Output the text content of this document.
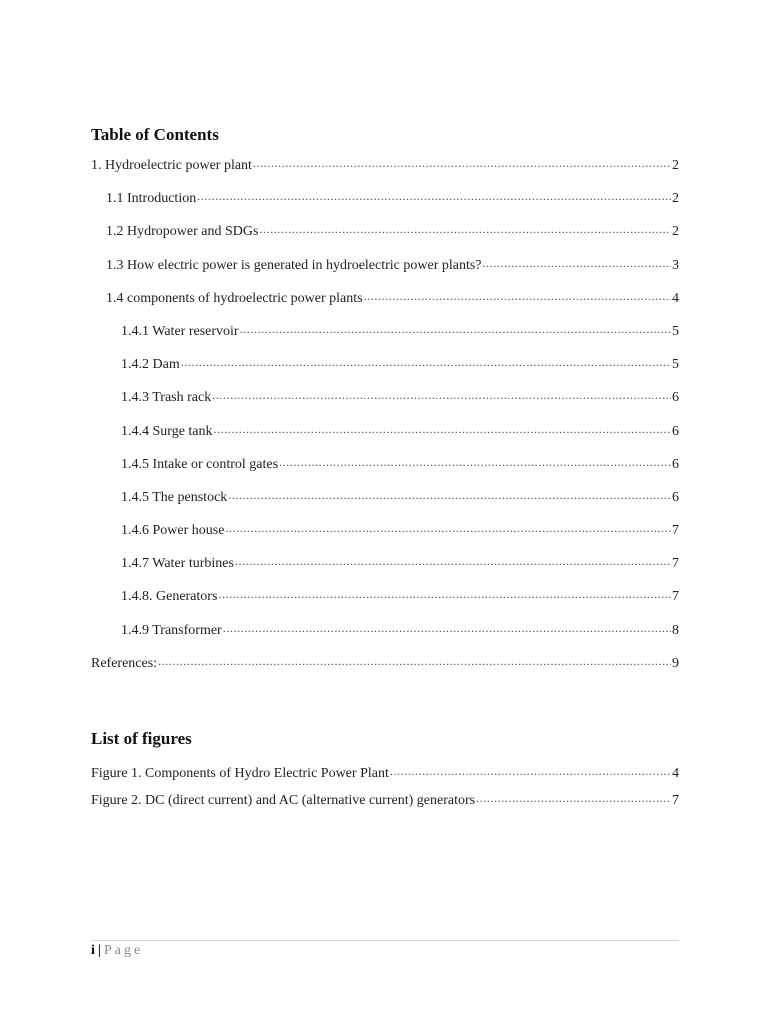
Table of Contents
1. Hydroelectric power plant .....	2
1.1 Introduction .....	2
1.2 Hydropower and SDGs .....	2
1.3 How electric power is generated in hydroelectric power plants? .....	3
1.4 components of hydroelectric power plants .....	4
1.4.1 Water reservoir .....	5
1.4.2 Dam .....	5
1.4.3 Trash rack .....	6
1.4.4 Surge tank .....	6
1.4.5 Intake or control gates .....	6
1.4.5 The penstock .....	6
1.4.6 Power house .....	7
1.4.7 Water turbines .....	7
1.4.8. Generators .....	7
1.4.9 Transformer .....	8
References: .....	9
List of figures
Figure 1. Components of Hydro Electric Power Plant .....	4
Figure 2. DC (direct current) and AC (alternative current) generators .....	7
i | Page
